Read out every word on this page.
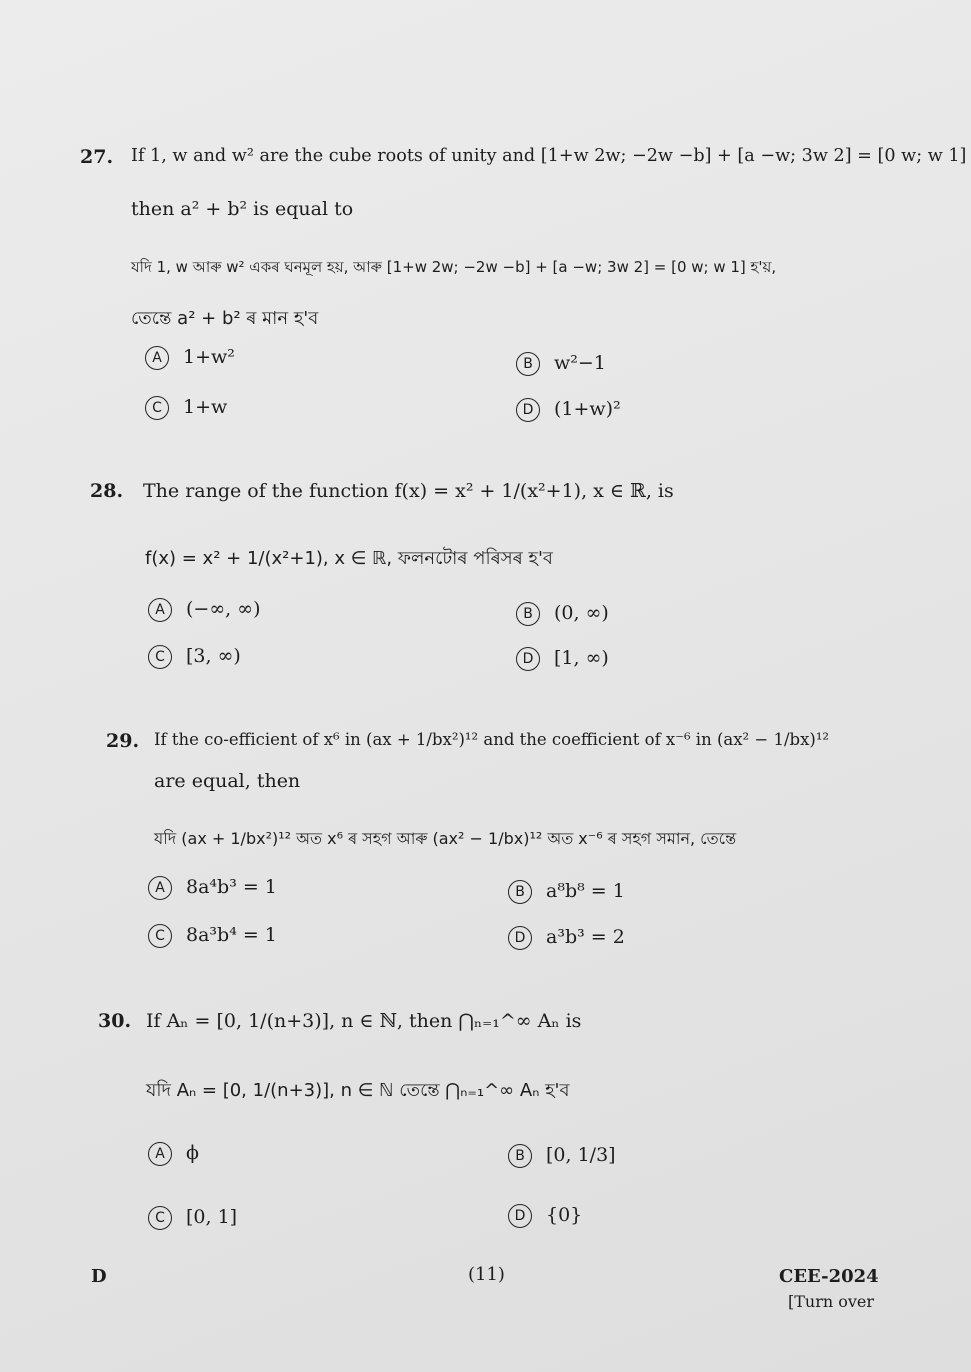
27. If 1, w and w² are the cube roots of unity and [1+w 2w; −2w −b] + [a −w; 3w 2] = [0 w; w 1]
then a² + b² is equal to
যদি 1, w আৰু w² একৰ ঘনমূল হয়, আৰু [1+w 2w; −2w −b] + [a −w; 3w 2] = [0 w; w 1] হ'য়,
তেন্তে a² + b² ৰ মান হ'ব
A 1+w²	B w²−1
C 1+w	D (1+w)²
28. The range of the function f(x) = x² + 1/(x²+1), x ∈ ℝ, is
f(x) = x² + 1/(x²+1), x ∈ ℝ, ফলনটোৰ পৰিসৰ হ'ব
A (−∞, ∞)	B (0, ∞)
C [3, ∞)	D [1, ∞)
29. If the co-efficient of x⁶ in (ax + 1/bx²)¹² and the coefficient of x⁻⁶ in (ax² − 1/bx)¹²
are equal, then
যদি (ax + 1/bx²)¹² অত x⁶ ৰ সহগ আৰু (ax² − 1/bx)¹² অত x⁻⁶ ৰ সহগ সমান, তেন্তে
A 8a⁴b³ = 1	B a⁸b⁸ = 1
C 8a³b⁴ = 1	D a³b³ = 2
30. If Aₙ = [0, 1/(n+3)], n ∈ ℕ, then ⋂ₙ₌₁^∞ Aₙ is
যদি Aₙ = [0, 1/(n+3)], n ∈ ℕ তেন্তে ⋂ₙ₌₁^∞ Aₙ হ'ব
A ϕ	B [0, 1/3]
C [0, 1]	D {0}
D	(11)	CEE-2024
[Turn over
